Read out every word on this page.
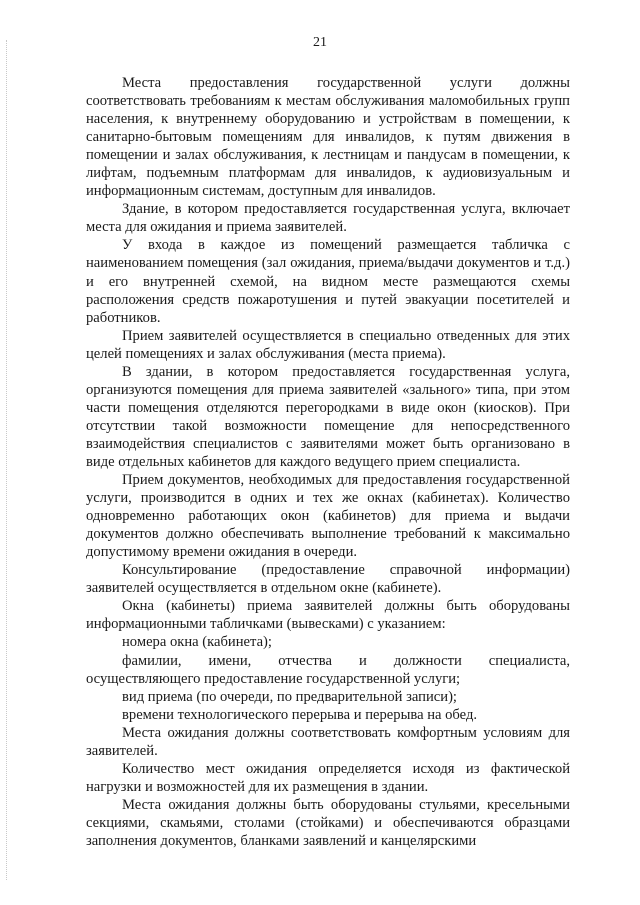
21

Места предоставления государственной услуги должны соответствовать требованиям к местам обслуживания маломобильных групп населения, к внутреннему оборудованию и устройствам в помещении, к санитарно-бытовым помещениям для инвалидов, к путям движения в помещении и залах обслуживания, к лестницам и пандусам в помещении, к лифтам, подъемным платформам для инвалидов, к аудиовизуальным и информационным системам, доступным для инвалидов.

Здание, в котором предоставляется государственная услуга, включает места для ожидания и приема заявителей.

У входа в каждое из помещений размещается табличка с наименованием помещения (зал ожидания, приема/выдачи документов и т.д.) и его внутренней схемой, на видном месте размещаются схемы расположения средств пожаротушения и путей эвакуации посетителей и работников.

Прием заявителей осуществляется в специально отведенных для этих целей помещениях и залах обслуживания (места приема).

В здании, в котором предоставляется государственная услуга, организуются помещения для приема заявителей «зального» типа, при этом части помещения отделяются перегородками в виде окон (киосков). При отсутствии такой возможности помещение для непосредственного взаимодействия специалистов с заявителями может быть организовано в виде отдельных кабинетов для каждого ведущего прием специалиста.

Прием документов, необходимых для предоставления государственной услуги, производится в одних и тех же окнах (кабинетах). Количество одновременно работающих окон (кабинетов) для приема и выдачи документов должно обеспечивать выполнение требований к максимально допустимому времени ожидания в очереди.

Консультирование (предоставление справочной информации) заявителей осуществляется в отдельном окне (кабинете).

Окна (кабинеты) приема заявителей должны быть оборудованы информационными табличками (вывесками) с указанием:

номера окна (кабинета);

фамилии, имени, отчества и должности специалиста, осуществляющего предоставление государственной услуги;

вид приема (по очереди, по предварительной записи);

времени технологического перерыва и перерыва на обед.

Места ожидания должны соответствовать комфортным условиям для заявителей.

Количество мест ожидания определяется исходя из фактической нагрузки и возможностей для их размещения в здании.

Места ожидания должны быть оборудованы стульями, кресельными секциями, скамьями, столами (стойками) и обеспечиваются образцами заполнения документов, бланками заявлений и канцелярскими
